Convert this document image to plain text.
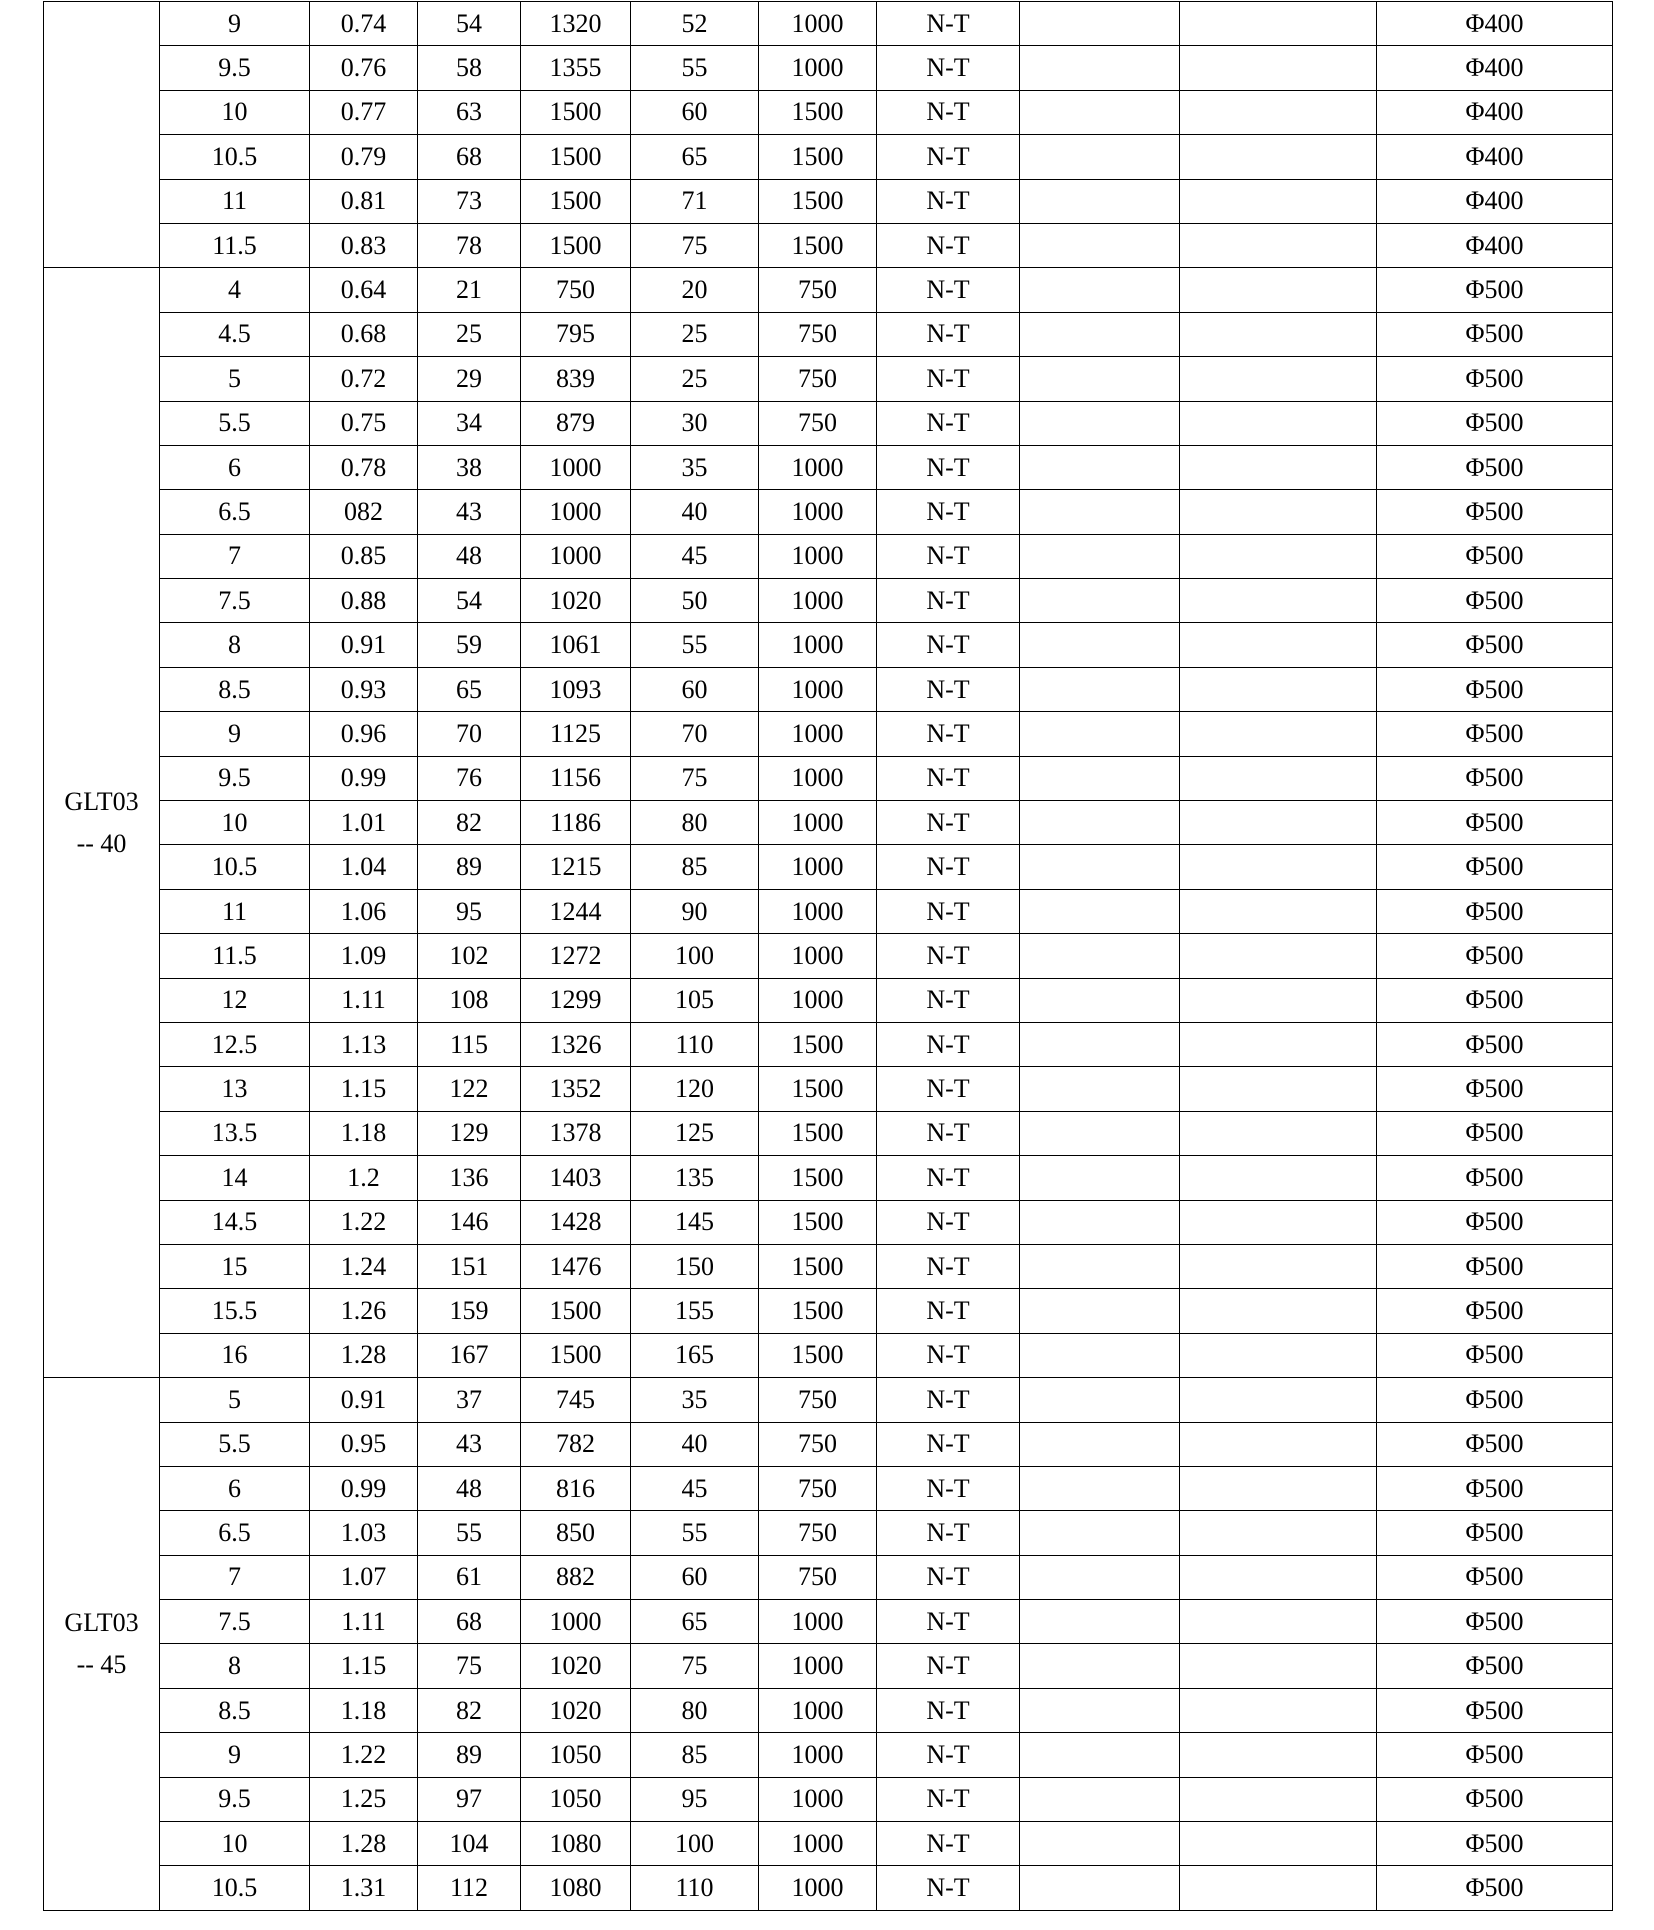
	9	0.74	54	1320	52	1000	N-T			Φ400
	9.5	0.76	58	1355	55	1000	N-T			Φ400
	10	0.77	63	1500	60	1500	N-T			Φ400
	10.5	0.79	68	1500	65	1500	N-T			Φ400
	11	0.81	73	1500	71	1500	N-T			Φ400
	11.5	0.83	78	1500	75	1500	N-T			Φ400

GLT03
-- 40	4	0.64	21	750	20	750	N-T			Φ500
	4.5	0.68	25	795	25	750	N-T			Φ500
	5	0.72	29	839	25	750	N-T			Φ500
	5.5	0.75	34	879	30	750	N-T			Φ500
	6	0.78	38	1000	35	1000	N-T			Φ500
	6.5	082	43	1000	40	1000	N-T			Φ500
	7	0.85	48	1000	45	1000	N-T			Φ500
	7.5	0.88	54	1020	50	1000	N-T			Φ500
	8	0.91	59	1061	55	1000	N-T			Φ500
	8.5	0.93	65	1093	60	1000	N-T			Φ500
	9	0.96	70	1125	70	1000	N-T			Φ500
	9.5	0.99	76	1156	75	1000	N-T			Φ500
	10	1.01	82	1186	80	1000	N-T			Φ500
	10.5	1.04	89	1215	85	1000	N-T			Φ500
	11	1.06	95	1244	90	1000	N-T			Φ500
	11.5	1.09	102	1272	100	1000	N-T			Φ500
	12	1.11	108	1299	105	1000	N-T			Φ500
	12.5	1.13	115	1326	110	1500	N-T			Φ500
	13	1.15	122	1352	120	1500	N-T			Φ500
	13.5	1.18	129	1378	125	1500	N-T			Φ500
	14	1.2	136	1403	135	1500	N-T			Φ500
	14.5	1.22	146	1428	145	1500	N-T			Φ500
	15	1.24	151	1476	150	1500	N-T			Φ500
	15.5	1.26	159	1500	155	1500	N-T			Φ500
	16	1.28	167	1500	165	1500	N-T			Φ500

GLT03
-- 45	5	0.91	37	745	35	750	N-T			Φ500
	5.5	0.95	43	782	40	750	N-T			Φ500
	6	0.99	48	816	45	750	N-T			Φ500
	6.5	1.03	55	850	55	750	N-T			Φ500
	7	1.07	61	882	60	750	N-T			Φ500
	7.5	1.11	68	1000	65	1000	N-T			Φ500
	8	1.15	75	1020	75	1000	N-T			Φ500
	8.5	1.18	82	1020	80	1000	N-T			Φ500
	9	1.22	89	1050	85	1000	N-T			Φ500
	9.5	1.25	97	1050	95	1000	N-T			Φ500
	10	1.28	104	1080	100	1000	N-T			Φ500
	10.5	1.31	112	1080	110	1000	N-T			Φ500
